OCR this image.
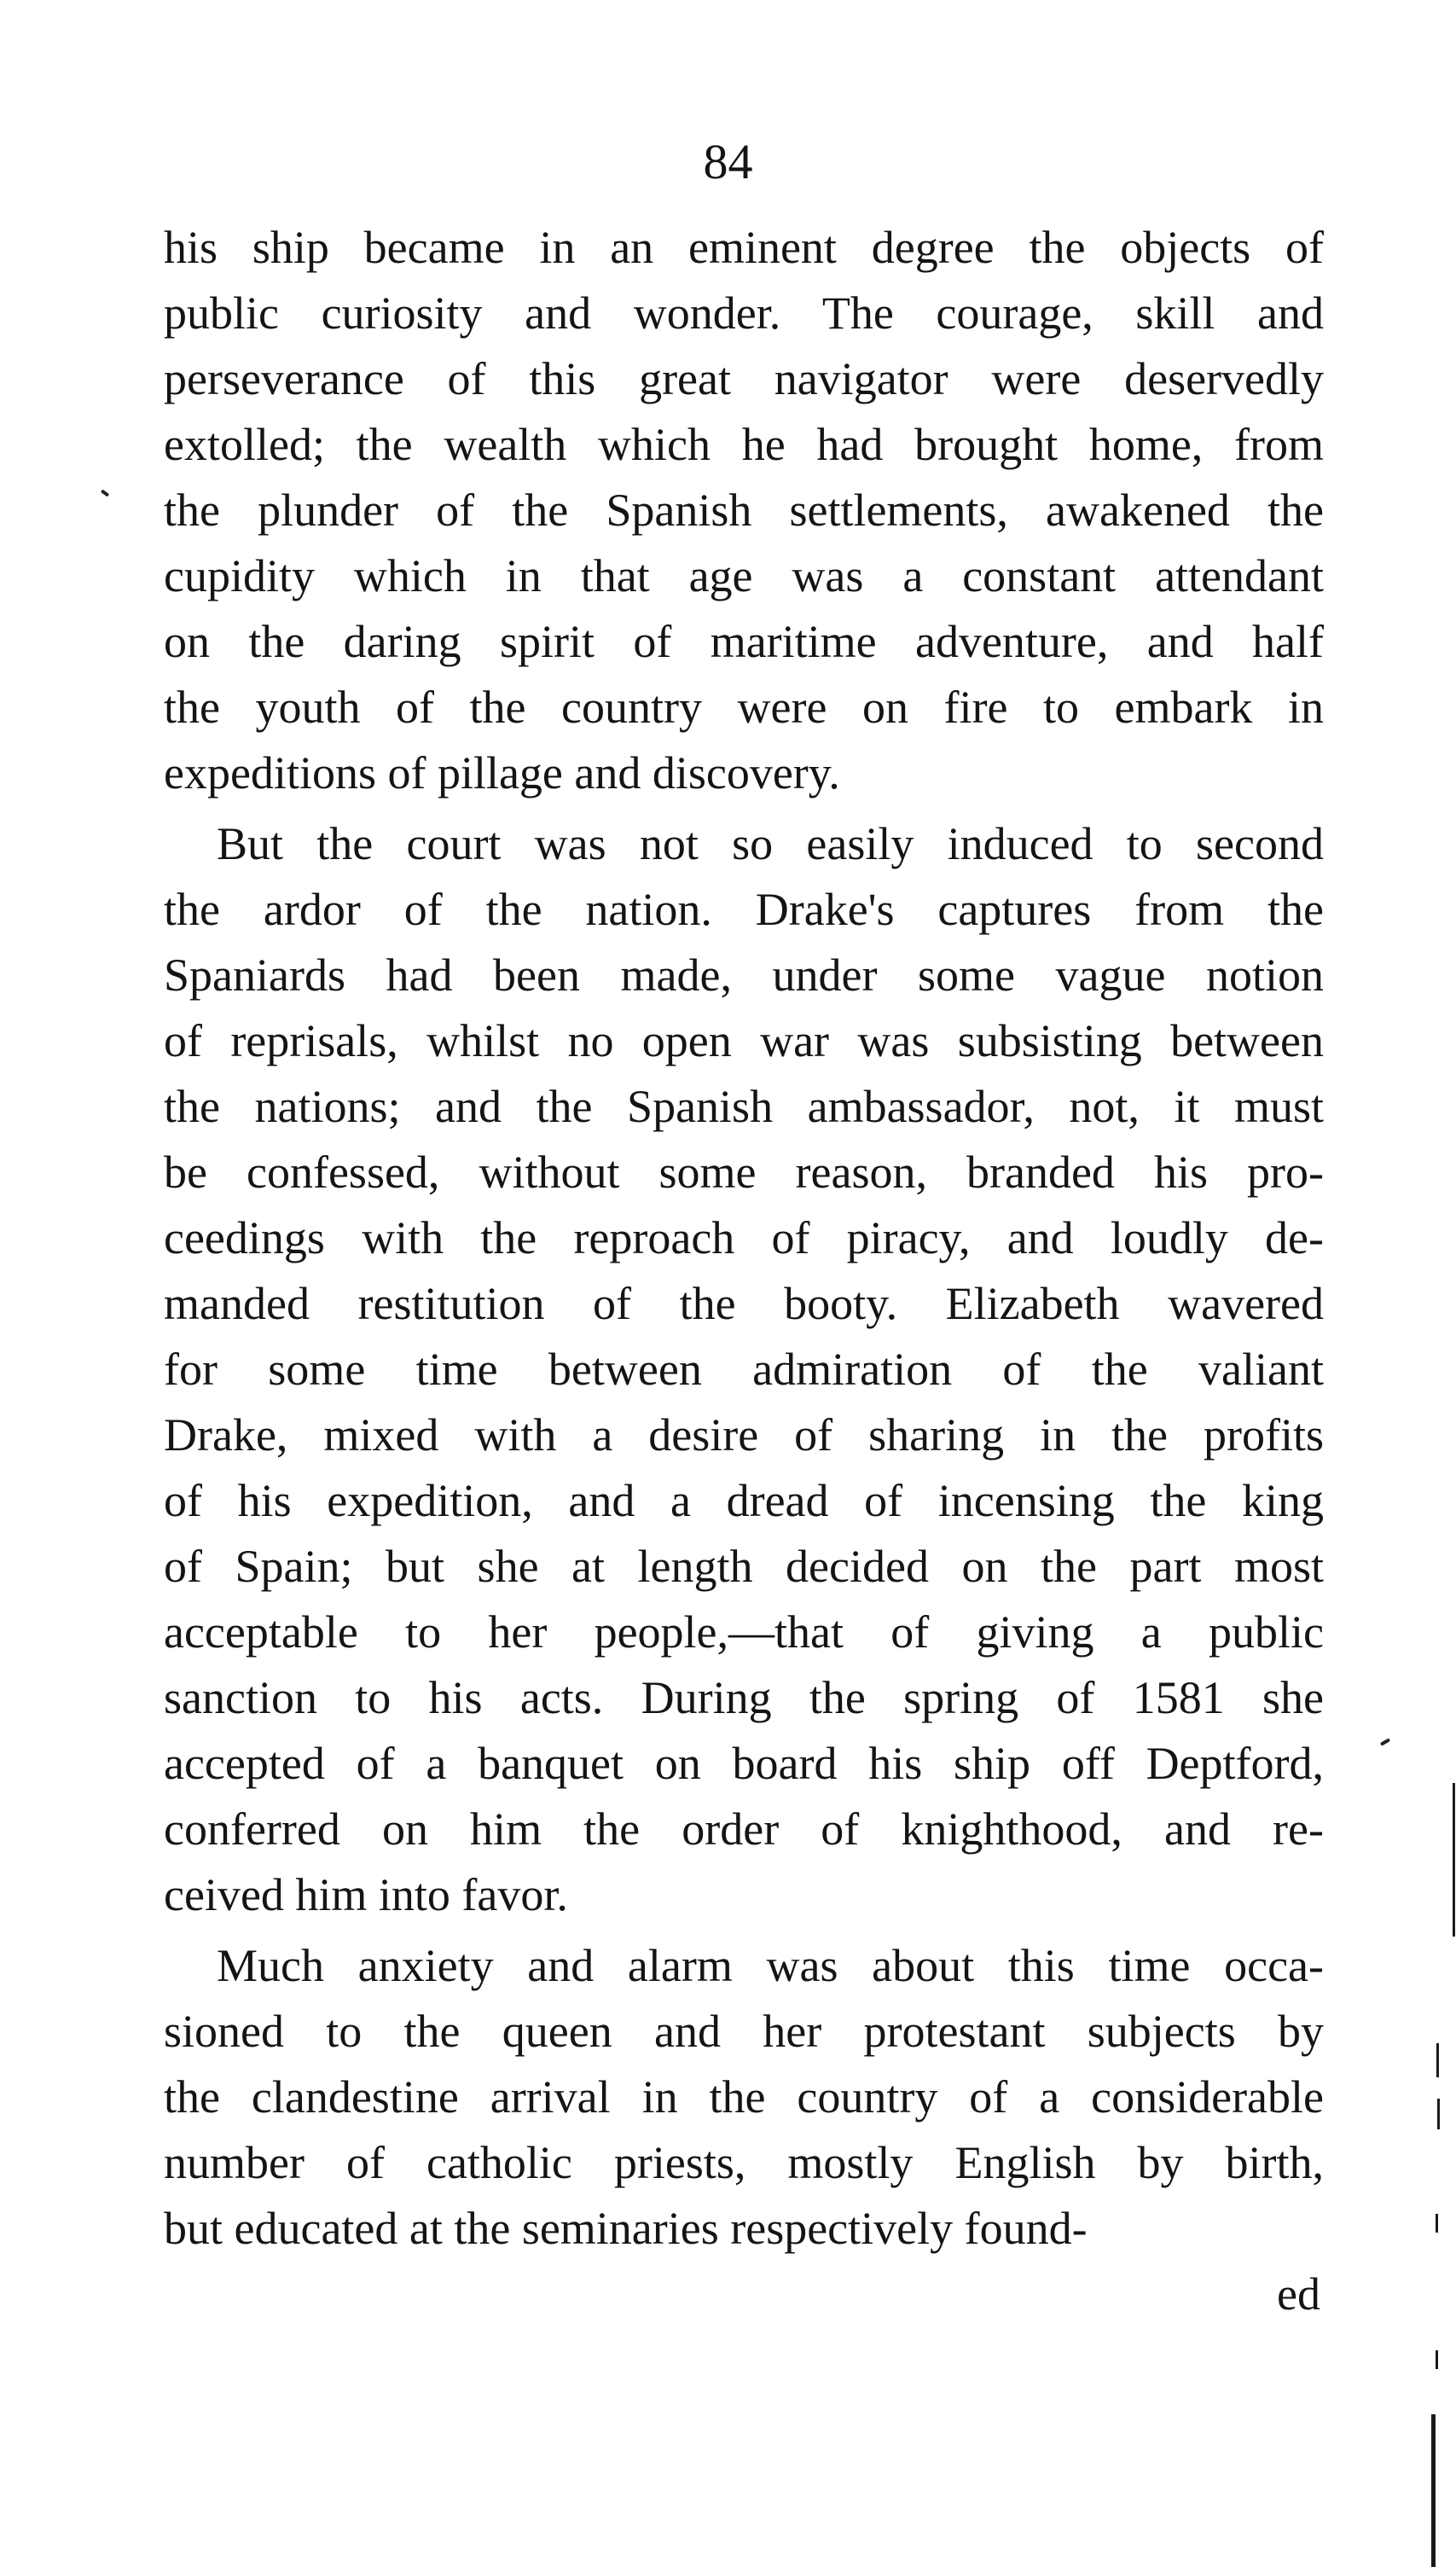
84
his ship became in an eminent degree the objects of
public curiosity and wonder. The courage, skill and
perseverance of this great navigator were deservedly
extolled; the wealth which he had brought home, from
the plunder of the Spanish settlements, awakened the
cupidity which in that age was a constant attendant
on the daring spirit of maritime adventure, and half
the youth of the country were on fire to embark in
expeditions of pillage and discovery.
But the court was not so easily induced to second
the ardor of the nation. Drake's captures from the
Spaniards had been made, under some vague notion
of reprisals, whilst no open war was subsisting between
the nations; and the Spanish ambassador, not, it must
be confessed, without some reason, branded his pro-
ceedings with the reproach of piracy, and loudly de-
manded restitution of the booty. Elizabeth wavered
for some time between admiration of the valiant
Drake, mixed with a desire of sharing in the profits
of his expedition, and a dread of incensing the king
of Spain; but she at length decided on the part most
acceptable to her people,—that of giving a public
sanction to his acts. During the spring of 1581 she
accepted of a banquet on board his ship off Deptford,
conferred on him the order of knighthood, and re-
ceived him into favor.
Much anxiety and alarm was about this time occa-
sioned to the queen and her protestant subjects by
the clandestine arrival in the country of a considerable
number of catholic priests, mostly English by birth,
but educated at the seminaries respectively found-
ed
